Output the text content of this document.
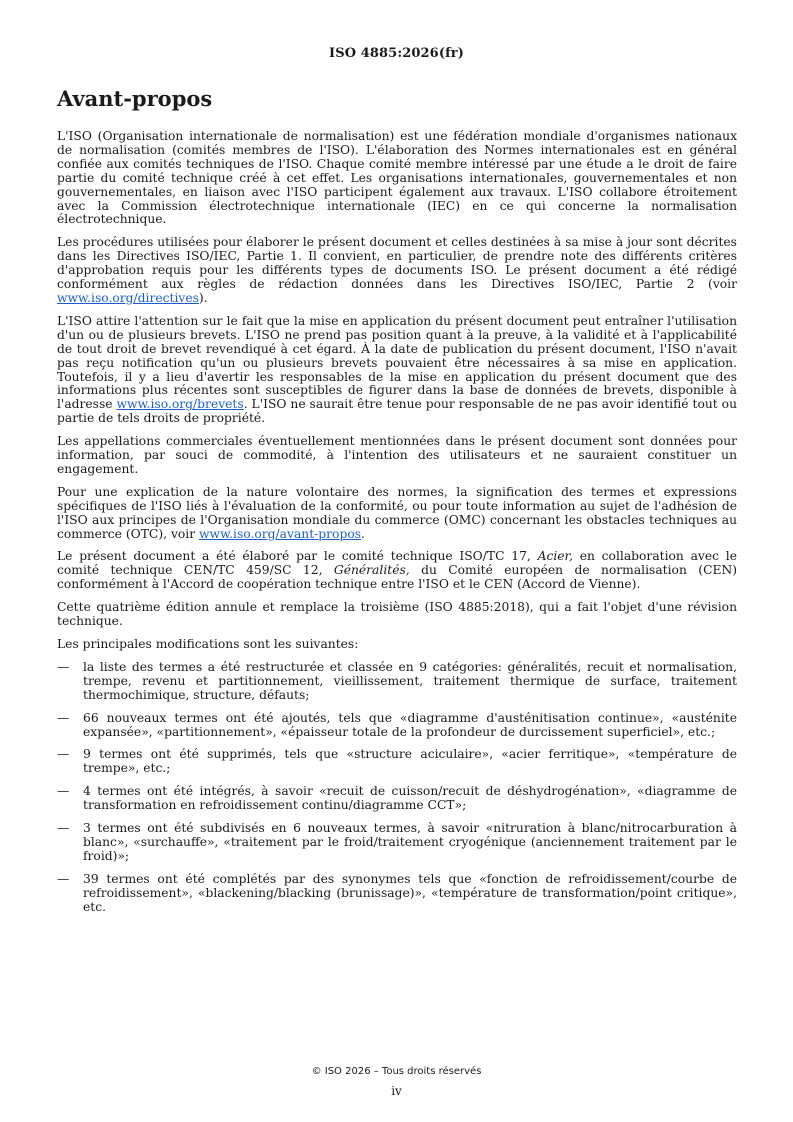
ISO 4885:2026(fr)
Avant-propos

L'ISO (Organisation internationale de normalisation) est une fédération mondiale d'organismes nationaux de normalisation (comités membres de l'ISO). L'élaboration des Normes internationales est en général confiée aux comités techniques de l'ISO. Chaque comité membre intéressé par une étude a le droit de faire partie du comité technique créé à cet effet. Les organisations internationales, gouvernementales et non gouvernementales, en liaison avec l'ISO participent également aux travaux. L'ISO collabore étroitement avec la Commission électrotechnique internationale (IEC) en ce qui concerne la normalisation électrotechnique.

Les procédures utilisées pour élaborer le présent document et celles destinées à sa mise à jour sont décrites dans les Directives ISO/IEC, Partie 1. Il convient, en particulier, de prendre note des différents critères d'approbation requis pour les différents types de documents ISO. Le présent document a été rédigé conformément aux règles de rédaction données dans les Directives ISO/IEC, Partie 2 (voir www.iso.org/directives).

L'ISO attire l'attention sur le fait que la mise en application du présent document peut entraîner l'utilisation d'un ou de plusieurs brevets. L'ISO ne prend pas position quant à la preuve, à la validité et à l'applicabilité de tout droit de brevet revendiqué à cet égard. À la date de publication du présent document, l'ISO n'avait pas reçu notification qu'un ou plusieurs brevets pouvaient être nécessaires à sa mise en application. Toutefois, il y a lieu d'avertir les responsables de la mise en application du présent document que des informations plus récentes sont susceptibles de figurer dans la base de données de brevets, disponible à l'adresse www.iso.org/brevets. L'ISO ne saurait être tenue pour responsable de ne pas avoir identifié tout ou partie de tels droits de propriété.

Les appellations commerciales éventuellement mentionnées dans le présent document sont données pour information, par souci de commodité, à l'intention des utilisateurs et ne sauraient constituer un engagement.

Pour une explication de la nature volontaire des normes, la signification des termes et expressions spécifiques de l'ISO liés à l'évaluation de la conformité, ou pour toute information au sujet de l'adhésion de l'ISO aux principes de l'Organisation mondiale du commerce (OMC) concernant les obstacles techniques au commerce (OTC), voir www.iso.org/avant-propos.

Le présent document a été élaboré par le comité technique ISO/TC 17, Acier, en collaboration avec le comité technique CEN/TC 459/SC 12, Généralités, du Comité européen de normalisation (CEN) conformément à l'Accord de coopération technique entre l'ISO et le CEN (Accord de Vienne).

Cette quatrième édition annule et remplace la troisième (ISO 4885:2018), qui a fait l'objet d'une révision technique.

Les principales modifications sont les suivantes:

— la liste des termes a été restructurée et classée en 9 catégories: généralités, recuit et normalisation, trempe, revenu et partitionnement, vieillissement, traitement thermique de surface, traitement thermochimique, structure, défauts;
— 66 nouveaux termes ont été ajoutés, tels que «diagramme d'austénitisation continue», «austénite expansée», «partitionnement», «épaisseur totale de la profondeur de durcissement superficiel», etc.;
— 9 termes ont été supprimés, tels que «structure aciculaire», «acier ferritique», «température de trempe», etc.;
— 4 termes ont été intégrés, à savoir «recuit de cuisson/recuit de déshydrogénation», «diagramme de transformation en refroidissement continu/diagramme CCT»;
— 3 termes ont été subdivisés en 6 nouveaux termes, à savoir «nitruration à blanc/nitrocarburation à blanc», «surchauffe», «traitement par le froid/traitement cryogénique (anciennement traitement par le froid)»;
— 39 termes ont été complétés par des synonymes tels que «fonction de refroidissement/courbe de refroidissement», «blackening/blacking (brunissage)», «température de transformation/point critique», etc.
© ISO 2026 – Tous droits réservés
iv
